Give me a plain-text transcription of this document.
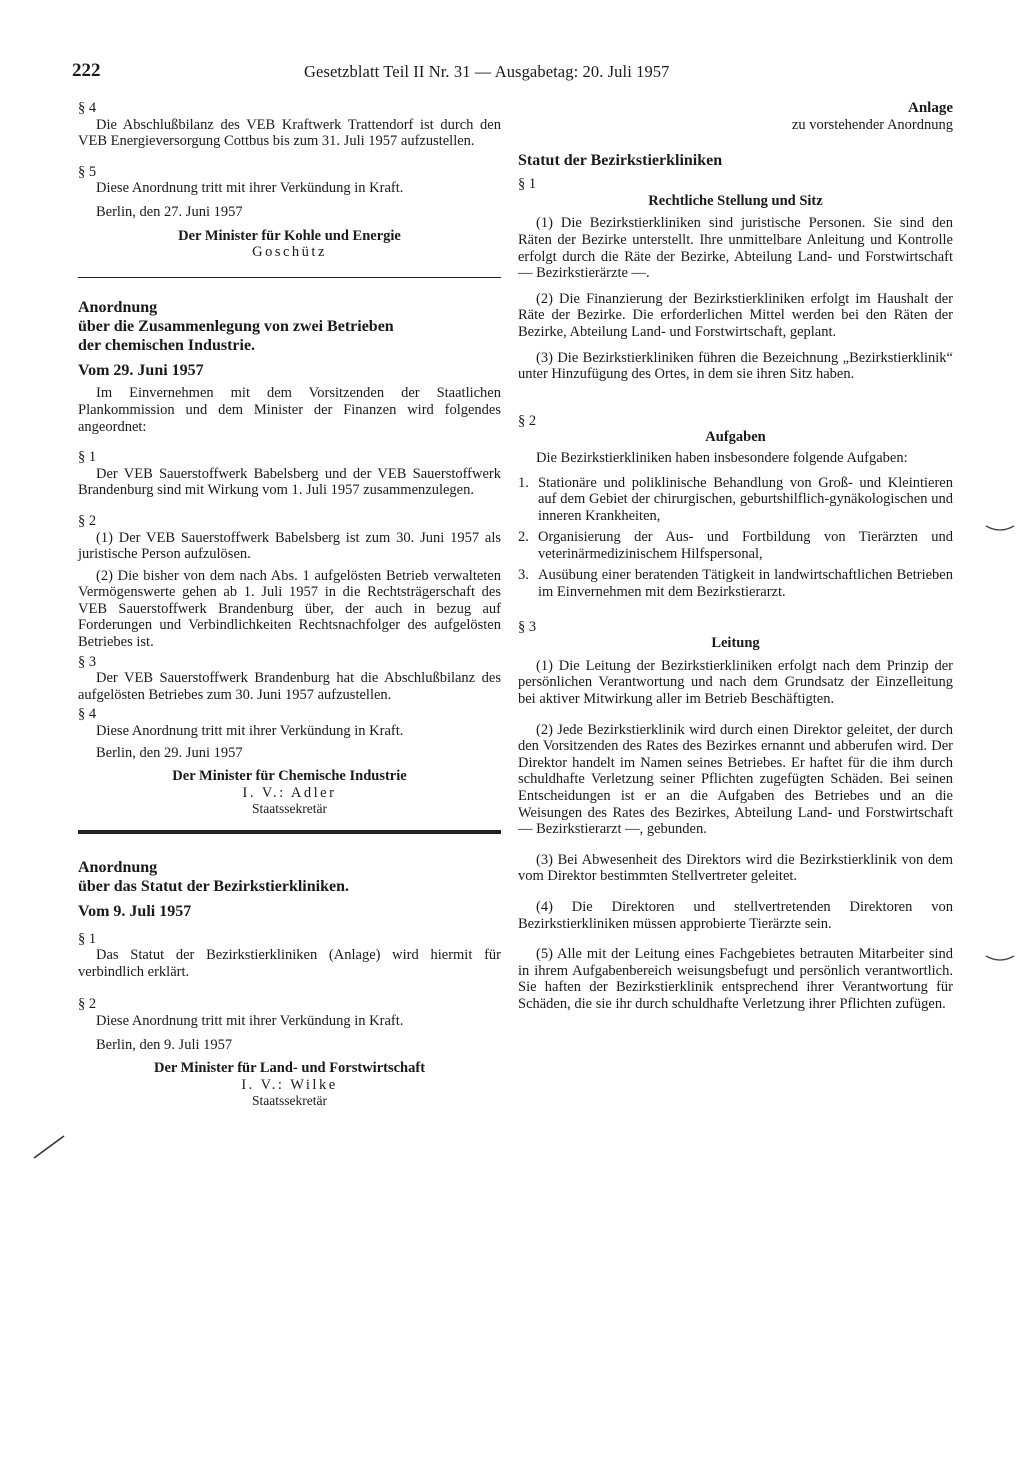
222	Gesetzblatt Teil II Nr. 31 — Ausgabetag: 20. Juli 1957

§ 4

Die Abschlußbilanz des VEB Kraftwerk Trattendorf ist durch den VEB Energieversorgung Cottbus bis zum 31. Juli 1957 aufzustellen.

§ 5

Diese Anordnung tritt mit ihrer Verkündung in Kraft.

Berlin, den 27. Juni 1957

Der Minister für Kohle und Energie

Goschütz

Anordnung

über die Zusammenlegung von zwei Betrieben

der chemischen Industrie.

Vom 29. Juni 1957

Im Einvernehmen mit dem Vorsitzenden der Staatlichen Plankommission und dem Minister der Finanzen wird folgendes angeordnet:

§ 1

Der VEB Sauerstoffwerk Babelsberg und der VEB Sauerstoffwerk Brandenburg sind mit Wirkung vom 1. Juli 1957 zusammenzulegen.

§ 2

(1) Der VEB Sauerstoffwerk Babelsberg ist zum 30. Juni 1957 als juristische Person aufzulösen.

(2) Die bisher von dem nach Abs. 1 aufgelösten Betrieb verwalteten Vermögenswerte gehen ab 1. Juli 1957 in die Rechtsträgerschaft des VEB Sauerstoffwerk Brandenburg über, der auch in bezug auf Forderungen und Verbindlichkeiten Rechtsnachfolger des aufgelösten Betriebes ist.

§ 3

Der VEB Sauerstoffwerk Brandenburg hat die Abschlußbilanz des aufgelösten Betriebes zum 30. Juni 1957 aufzustellen.

§ 4

Diese Anordnung tritt mit ihrer Verkündung in Kraft.

Berlin, den 29. Juni 1957

Der Minister für Chemische Industrie

I. V.: Adler

Staatssekretär

Anordnung

über das Statut der Bezirkstierkliniken.

Vom 9. Juli 1957

§ 1

Das Statut der Bezirkstierkliniken (Anlage) wird hiermit für verbindlich erklärt.

§ 2

Diese Anordnung tritt mit ihrer Verkündung in Kraft.

Berlin, den 9. Juli 1957

Der Minister für Land- und Forstwirtschaft

I. V.: Wilke

Staatssekretär

Anlage

zu vorstehender Anordnung

Statut der Bezirkstierkliniken

§ 1

Rechtliche Stellung und Sitz

(1) Die Bezirkstierkliniken sind juristische Personen. Sie sind den Räten der Bezirke unterstellt. Ihre unmittelbare Anleitung und Kontrolle erfolgt durch die Räte der Bezirke, Abteilung Land- und Forstwirtschaft — Bezirkstierärzte —.

(2) Die Finanzierung der Bezirkstierkliniken erfolgt im Haushalt der Räte der Bezirke. Die erforderlichen Mittel werden bei den Räten der Bezirke, Abteilung Land- und Forstwirtschaft, geplant.

(3) Die Bezirkstierkliniken führen die Bezeichnung „Bezirkstierklinik“ unter Hinzufügung des Ortes, in dem sie ihren Sitz haben.

§ 2

Aufgaben

Die Bezirkstierkliniken haben insbesondere folgende Aufgaben:

1. Stationäre und poliklinische Behandlung von Groß- und Kleintieren auf dem Gebiet der chirurgischen, geburtshilflich-gynäkologischen und inneren Krankheiten,
2. Organisierung der Aus- und Fortbildung von Tierärzten und veterinärmedizinischem Hilfspersonal,
3. Ausübung einer beratenden Tätigkeit in landwirtschaftlichen Betrieben im Einvernehmen mit dem Bezirkstierarzt.

§ 3

Leitung

(1) Die Leitung der Bezirkstierkliniken erfolgt nach dem Prinzip der persönlichen Verantwortung und nach dem Grundsatz der Einzelleitung bei aktiver Mitwirkung aller im Betrieb Beschäftigten.

(2) Jede Bezirkstierklinik wird durch einen Direktor geleitet, der durch den Vorsitzenden des Rates des Bezirkes ernannt und abberufen wird. Der Direktor handelt im Namen seines Betriebes. Er haftet für die ihm durch schuldhafte Verletzung seiner Pflichten zugefügten Schäden. Bei seinen Entscheidungen ist er an die Aufgaben des Betriebes und an die Weisungen des Rates des Bezirkes, Abteilung Land- und Forstwirtschaft — Bezirkstierarzt —, gebunden.

(3) Bei Abwesenheit des Direktors wird die Bezirkstierklinik von dem vom Direktor bestimmten Stellvertreter geleitet.

(4) Die Direktoren und stellvertretenden Direktoren von Bezirkstierkliniken müssen approbierte Tierärzte sein.

(5) Alle mit der Leitung eines Fachgebietes betrauten Mitarbeiter sind in ihrem Aufgabenbereich weisungsbefugt und persönlich verantwortlich. Sie haften der Bezirkstierklinik entsprechend ihrer Verantwortung für Schäden, die sie ihr durch schuldhafte Verletzung ihrer Pflichten zufügen.
